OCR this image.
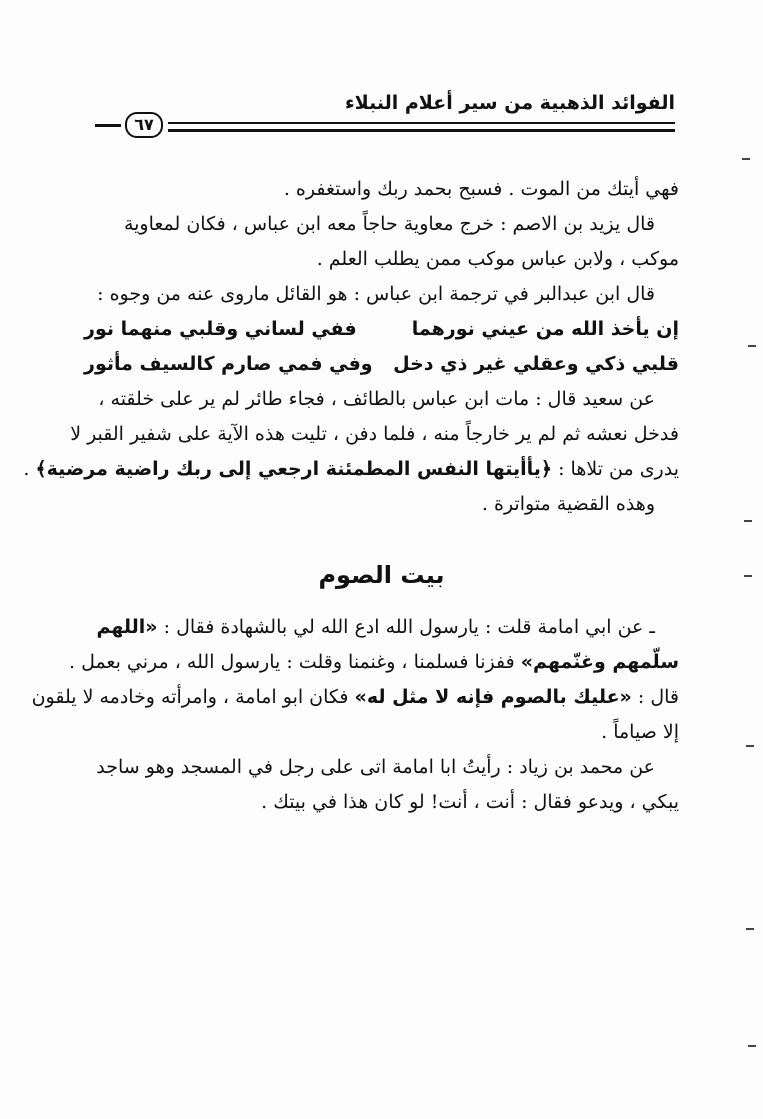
الفوائد الذهبية من سير أعلام النبلاء
٦٧
فهي أيتك من الموت . فسبح بحمد ربك واستغفره .
قال يزيد بن الاصم : خرج معاوية حاجاً معه ابن عباس ، فكان لمعاوية
موكب ، ولابن عباس موكب ممن يطلب العلم .
قال ابن عبدالبر في ترجمة ابن عباس : هو القائل ماروى عنه من وجوه :
إن يأخذ الله من عيني نورهما
ففي لساني وقلبي منهما نور
قلبي ذكي وعقلي غير ذي دخل
وفي فمي صارم كالسيف مأثور
عن سعيد قال : مات ابن عباس بالطائف ، فجاء طائر لم ير على خلقته ،
فدخل نعشه ثم لم ير خارجاً منه ، فلما دفن ، تليت هذه الآية على شفير القبر لا
يدرى من تلاها : ﴿يأأيتها النفس المطمئنة ارجعي إلى ربك راضية مرضية﴾ .
وهذه القضية متواترة .
بيت الصوم
ـ عن ابي امامة قلت : يارسول الله ادع الله لي بالشهادة فقال : «اللهم
سلّمهم وغنّمهم» ففزنا فسلمنا ، وغنمنا وقلت : يارسول الله ، مرني بعمل .
قال : «عليك بالصوم فإنه لا مثل له» فكان ابو امامة ، وامرأته وخادمه لا يلقون
إلا صياماً .
عن محمد بن زياد : رأيتُ ابا امامة اتى على رجل في المسجد وهو ساجد
يبكي ، ويدعو فقال : أنت ، أنت! لو كان هذا في بيتك .
